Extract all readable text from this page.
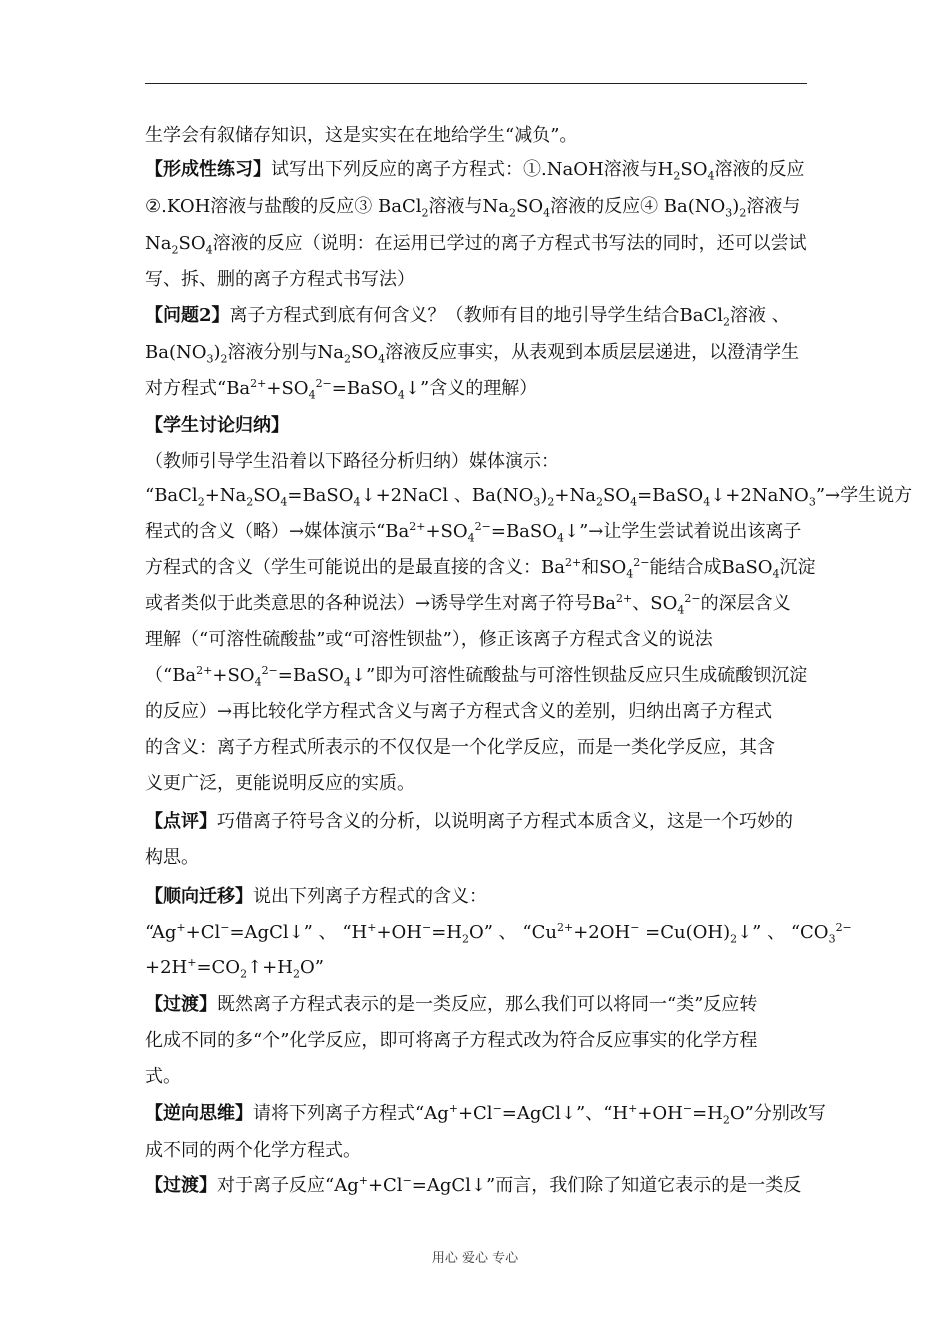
生学会有叙储存知识，这是实实在在地给学生“减负”。
【形成性练习】试写出下列反应的离子方程式：①.NaOH溶液与$H_2SO_4$溶液的反应
②.KOH溶液与盐酸的反应③ BaCl$_2$溶液与$Na_2SO_4$溶液的反应④ $Ba(NO_3)_2$溶液与
$Na_2SO_4$溶液的反应（说明：在运用已学过的离子方程式书写法的同时，还可以尝试
写、拆、删的离子方程式书写法）
【问题2】离子方程式到底有何含义？（教师有目的地引导学生结合BaCl$_2$溶液 、
$Ba(NO_3)_2$溶液分别与$Na_2SO_4$溶液反应事实，从表观到本质层层递进，以澄清学生
对方程式“$Ba^{2+}+SO_4^{2-}=BaSO_4↓$”含义的理解）
【学生讨论归纳】
（教师引导学生沿着以下路径分析归纳）媒体演示：
“$BaCl_2+Na_2SO_4=BaSO_4↓+2NaCl$ 、$Ba(NO_3)_2+Na_2SO_4=BaSO_4↓+2NaNO_3”\to$学生说方
程式的含义（略）→媒体演示“$Ba^{2+}+SO_4^{2-}=BaSO_4↓”\to$让学生尝试着说出该离子
方程式的含义（学生可能说出的是最直接的含义：$Ba^{2+}$和$SO_4^{2-}$能结合成BaSO$_4$沉淀
或者类似于此类意思的各种说法）→诱导学生对离子符号$Ba^{2+}$、$SO_4^{2-}$的深层含义
理解（“可溶性硫酸盐”或“可溶性钡盐”），修正该离子方程式含义的说法
（“$Ba^{2+}+SO_4^{2-}=BaSO_4↓$”即为可溶性硫酸盐与可溶性钡盐反应只生成硫酸钡沉淀
的反应）→再比较化学方程式含义与离子方程式含义的差别，归纳出离子方程式
的含义：离子方程式所表示的不仅仅是一个化学反应，而是一类化学反应，其含
义更广泛，更能说明反应的实质。
【点评】巧借离子符号含义的分析，以说明离子方程式本质含义，这是一个巧妙的
构思。
【顺向迁移】说出下列离子方程式的含义：
“Ag++Cl−=AgCl↓” 、 “$H^++OH^-=H_2O$” 、 “$Cu^{2+}+2OH^-$ $=Cu(OH)_2↓$” 、 “$CO_3^{2-}$
$+2H^+=CO_2↑+H_2O$”
【过渡】既然离子方程式表示的是一类反应，那么我们可以将同一“类”反应转
化成不同的多“个”化学反应，即可将离子方程式改为符合反应事实的化学方程
式。
【逆向思维】请将下列离子方程式“Ag++Cl−=AgCl↓”、“$H^++OH^-=H_2O$”分别改写
成不同的两个化学方程式。
【过渡】对于离子反应“Ag++Cl−=AgCl↓”而言，我们除了知道它表示的是一类反
用心 爱心 专心
